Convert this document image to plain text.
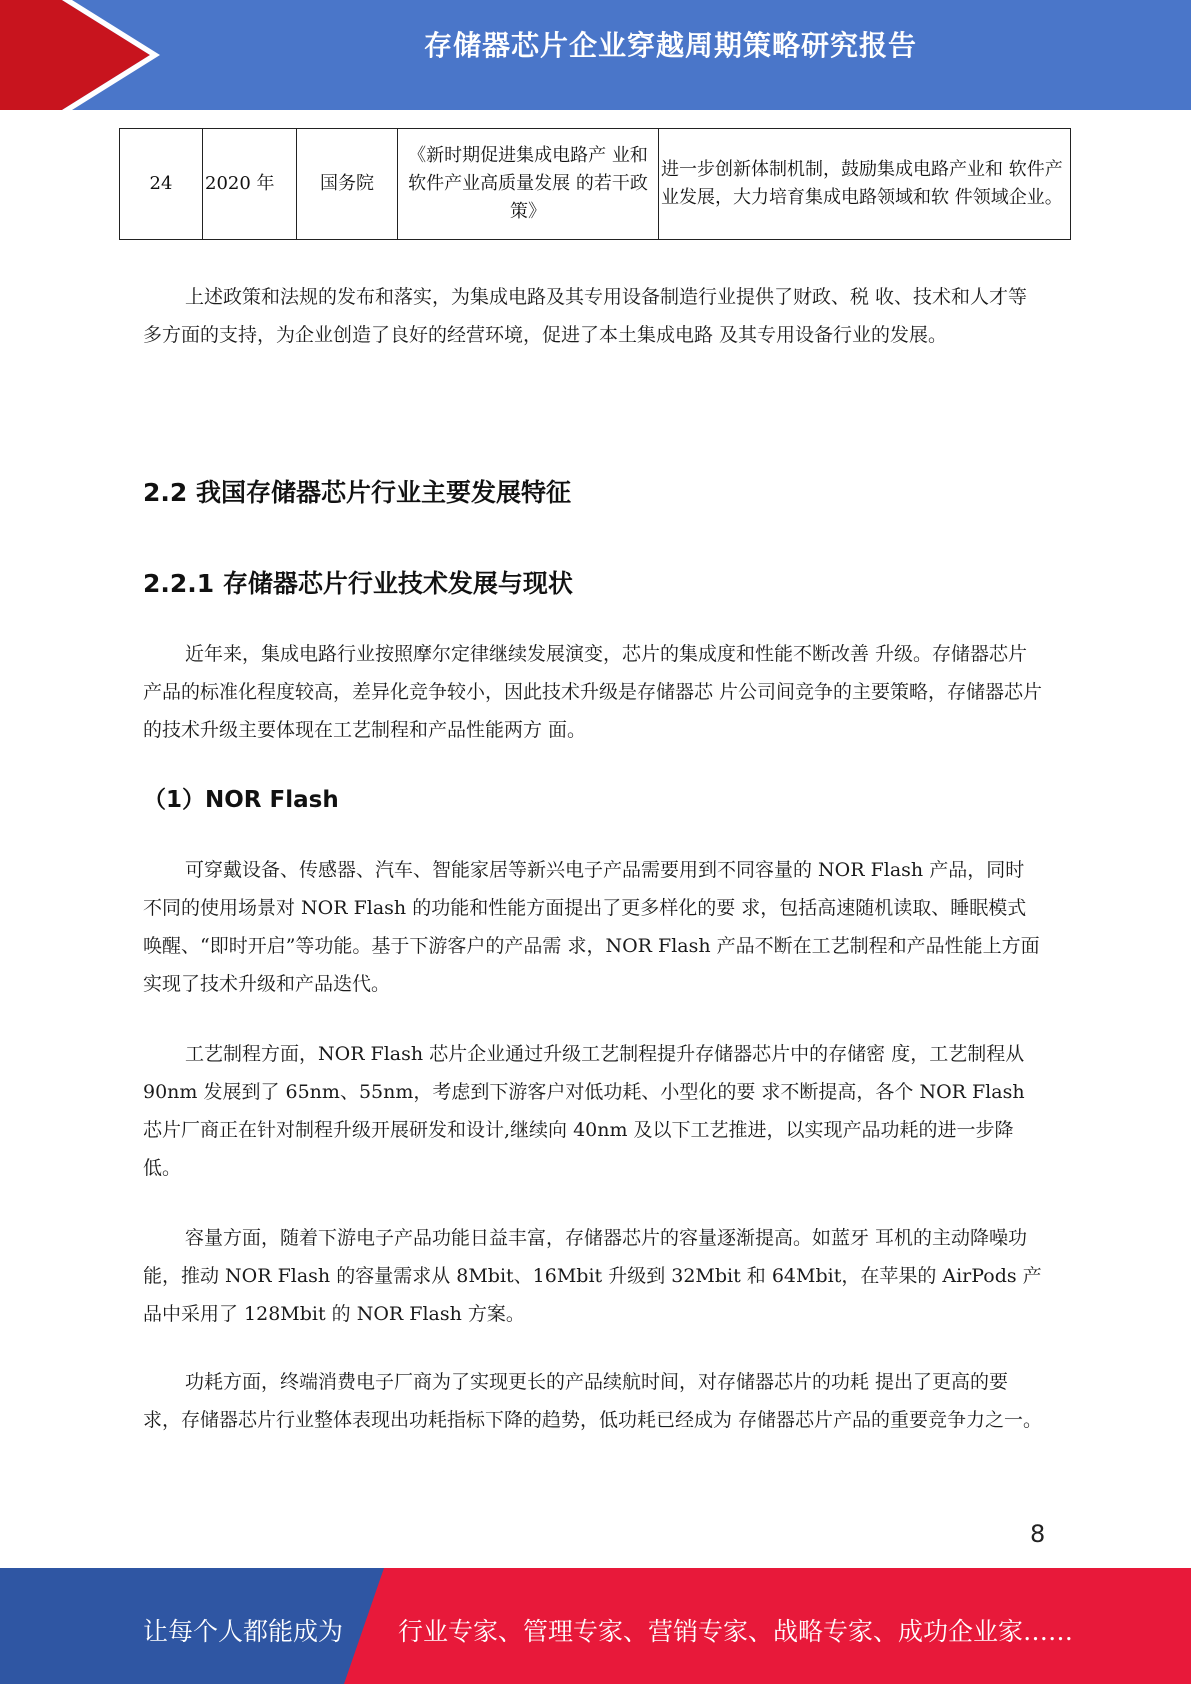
存储器芯片企业穿越周期策略研究报告
24	2020 年	国务院	《新时期促进集成电路产 业和软件产业高质量发展 的若干政策》	进一步创新体制机制，鼓励集成电路产业和 软件产业发展，大力培育集成电路领域和软 件领域企业。
上述政策和法规的发布和落实，为集成电路及其专用设备制造行业提供了财政、税 收、技术和人才等多方面的支持，为企业创造了良好的经营环境，促进了本土集成电路 及其专用设备行业的发展。
2.2 我国存储器芯片行业主要发展特征
2.2.1 存储器芯片行业技术发展与现状
近年来，集成电路行业按照摩尔定律继续发展演变，芯片的集成度和性能不断改善 升级。存储器芯片产品的标准化程度较高，差异化竞争较小，因此技术升级是存储器芯 片公司间竞争的主要策略，存储器芯片的技术升级主要体现在工艺制程和产品性能两方 面。
（1）NOR Flash
可穿戴设备、传感器、汽车、智能家居等新兴电子产品需要用到不同容量的 NOR Flash 产品，同时不同的使用场景对 NOR Flash 的功能和性能方面提出了更多样化的要 求，包括高速随机读取、睡眠模式唤醒、“即时开启”等功能。基于下游客户的产品需 求，NOR Flash 产品不断在工艺制程和产品性能上方面实现了技术升级和产品迭代。
工艺制程方面，NOR Flash 芯片企业通过升级工艺制程提升存储器芯片中的存储密 度，工艺制程从 90nm 发展到了 65nm、55nm，考虑到下游客户对低功耗、小型化的要 求不断提高，各个 NOR Flash 芯片厂商正在针对制程升级开展研发和设计,继续向 40nm 及以下工艺推进，以实现产品功耗的进一步降低。
容量方面，随着下游电子产品功能日益丰富，存储器芯片的容量逐渐提高。如蓝牙 耳机的主动降噪功能，推动 NOR Flash 的容量需求从 8Mbit、16Mbit 升级到 32Mbit 和 64Mbit，在苹果的 AirPods 产品中采用了 128Mbit 的 NOR Flash 方案。
功耗方面，终端消费电子厂商为了实现更长的产品续航时间，对存储器芯片的功耗 提出了更高的要求，存储器芯片行业整体表现出功耗指标下降的趋势，低功耗已经成为 存储器芯片产品的重要竞争力之一。
8
让每个人都能成为 行业专家、管理专家、营销专家、战略专家、成功企业家……
